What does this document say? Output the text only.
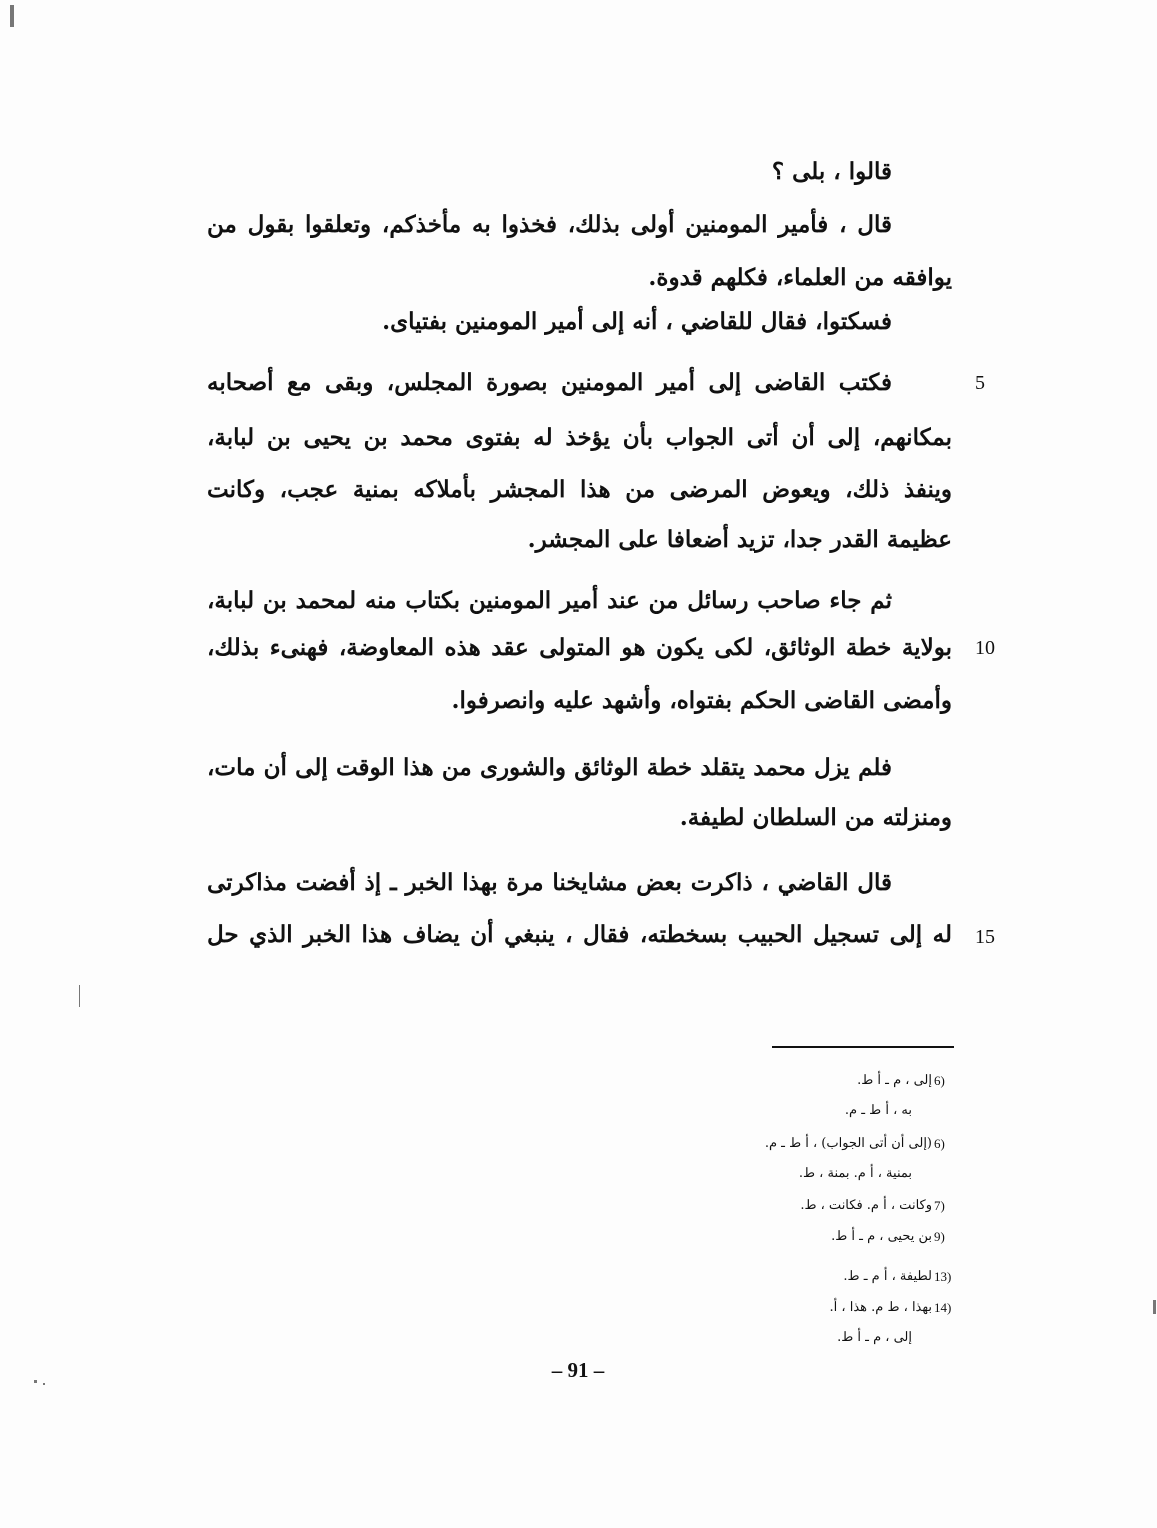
قالوا ، بلى ؟
قال ، فأمير المومنين أولى بذلك، فخذوا به مأخذكم، وتعلقوا بقول من
يوافقه من العلماء، فكلهم قدوة.
فسكتوا، فقال للقاضي ، أنه إلى أمير المومنين بفتياى.
فكتب القاضى إلى أمير المومنين بصورة المجلس، وبقى مع أصحابه
بمكانهم، إلى أن أتى الجواب بأن يؤخذ له بفتوى محمد بن يحيى بن لبابة،
وينفذ ذلك، ويعوض المرضى من هذا المجشر بأملاكه بمنية عجب، وكانت
عظيمة القدر جدا، تزيد أضعافا على المجشر.
ثم جاء صاحب رسائل من عند أمير المومنين بكتاب منه لمحمد بن لبابة،
بولاية خطة الوثائق، لكى يكون هو المتولى عقد هذه المعاوضة، فهنىء بذلك،
وأمضى القاضى الحكم بفتواه، وأشهد عليه وانصرفوا.
فلم يزل محمد يتقلد خطة الوثائق والشورى من هذا الوقت إلى أن مات،
ومنزلته من السلطان لطيفة.
قال القاضي ، ذاكرت بعض مشايخنا مرة بهذا الخبر ـ إذ أفضت مذاكرتى
له إلى تسجيل الحبيب بسخطته، فقال ، ينبغي أن يضاف هذا الخبر الذي حل
5
10
15
6)
إلى ، م ـ أ ط.
به ، أ ط ـ م.
6)
(إلى أن أتى الجواب) ، أ ط ـ م.
بمنية ، أ م. بمنة ، ط.
7)
وكانت ، أ م. فكانت ، ط.
9)
بن يحيى ، م ـ أ ط.
13)
لطيفة ، أ م ـ ط.
14)
بهذا ، ط م. هذا ، أ.
إلى ، م ـ أ ط.
– 91 –
